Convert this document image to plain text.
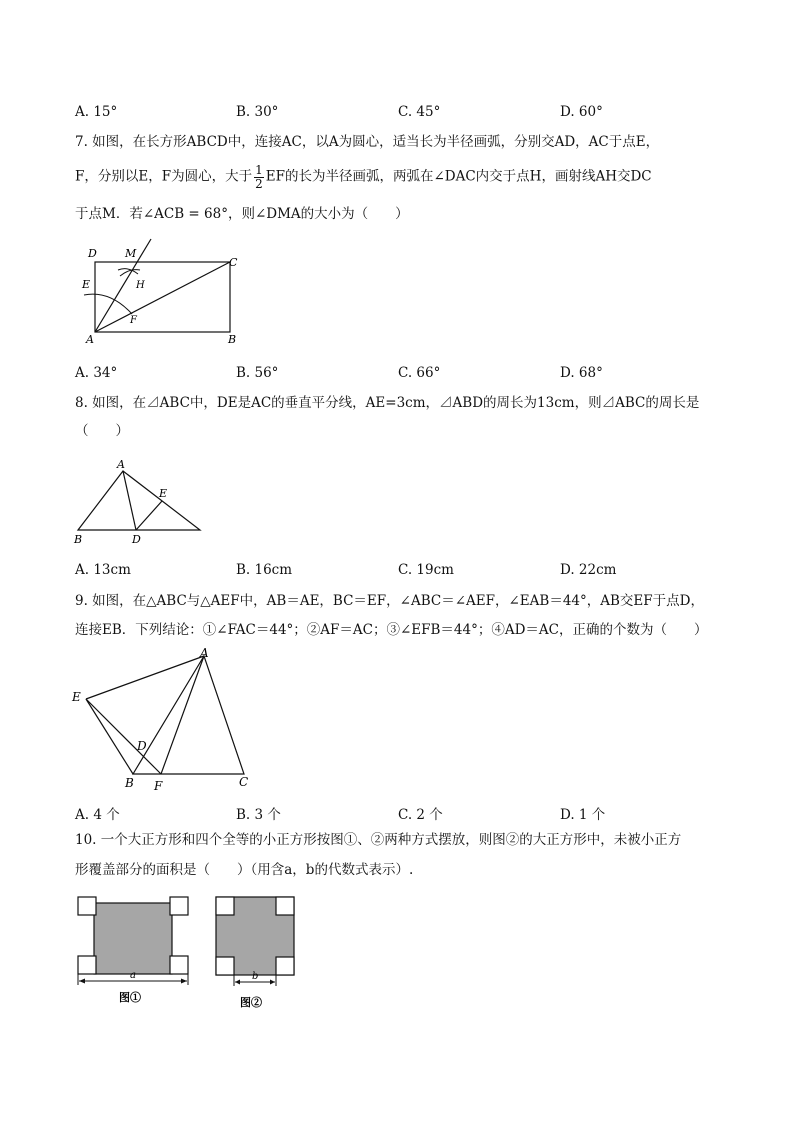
A. 15°	B. 30°	C. 45°	D. 60°
7. 如图，在长方形ABCD中，连接AC，以A为圆心，适当长为半径画弧，分别交AD，AC于点E，
F，分别以E，F为圆心，大于 $\frac{1}{2}$ EF的长为半径画弧，两弧在∠DAC内交于点H，画射线AH交DC
于点M．若∠ACB = 68°，则∠DMA的大小为（　　）
D	M
C
E	H
F
A	B
A. 34°	B. 56°	C. 66°	D. 68°
8. 如图，在⊿ABC中，DE是AC的垂直平分线，AE=3cm，⊿ABD的周长为13cm，则⊿ABC的周长是
（　　）
A
E
B	D
A. 13cm	B. 16cm	C. 19cm	D. 22cm
9. 如图，在△ABC与△AEF中，AB＝AE，BC＝EF，∠ABC＝∠AEF，∠EAB＝44°，AB交EF于点D，
连接EB．下列结论：①∠FAC＝44°；②AF＝AC；③∠EFB＝44°；④AD＝AC，正确的个数为（　　）
A
E
D
B F	C
A. 4 个	B. 3 个	C. 2 个	D. 1 个
10. 一个大正方形和四个全等的小正方形按图①、②两种方式摆放，则图②的大正方形中，未被小正方
形覆盖部分的面积是（　　）（用含a，b的代数式表示）.
a
图①
b
图②
